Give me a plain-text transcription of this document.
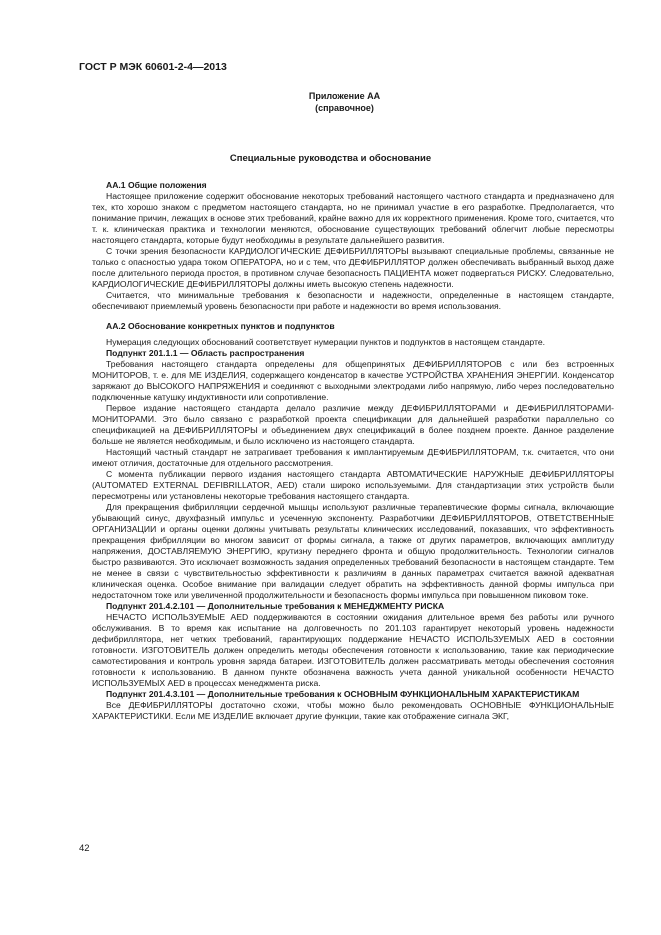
ГОСТ Р МЭК 60601-2-4—2013
Приложение АА
(справочное)
Специальные руководства и обоснование

АА.1 Общие положения

Настоящее приложение содержит обоснование некоторых требований настоящего частного стандарта и предназначено для тех, кто хорошо знаком с предметом настоящего стандарта, но не принимал участие в его разработке. Предполагается, что понимание причин, лежащих в основе этих требований, крайне важно для их корректного применения. Кроме того, считается, что т. к. клиническая практика и технологии меняются, обоснование существующих требований облегчит любые пересмотры настоящего стандарта, которые будут необходимы в результате дальнейшего развития.

С точки зрения безопасности КАРДИОЛОГИЧЕСКИЕ ДЕФИБРИЛЛЯТОРЫ вызывают специальные проблемы, связанные не только с опасностью удара током ОПЕРАТОРА, но и с тем, что ДЕФИБРИЛЛЯТОР должен обеспечивать выбранный выход даже после длительного периода простоя, в противном случае безопасность ПАЦИЕНТА может подвергаться РИСКУ. Следовательно, КАРДИОЛОГИЧЕСКИЕ ДЕФИБРИЛЛЯТОРЫ должны иметь высокую степень надежности.

Считается, что минимальные требования к безопасности и надежности, определенные в настоящем стандарте, обеспечивают приемлемый уровень безопасности при работе и надежности во время использования.

АА.2 Обоснование конкретных пунктов и подпунктов

Нумерация следующих обоснований соответствует нумерации пунктов и подпунктов в настоящем стандарте.

Подпункт 201.1.1 — Область распространения

Требования настоящего стандарта определены для общепринятых ДЕФИБРИЛЛЯТОРОВ с или без встроенных МОНИТОРОВ, т. е. для МЕ ИЗДЕЛИЯ, содержащего конденсатор в качестве УСТРОЙСТВА ХРАНЕНИЯ ЭНЕРГИИ. Конденсатор заряжают до ВЫСОКОГО НАПРЯЖЕНИЯ и соединяют с выходными электродами либо напрямую, либо через последовательно подключенные катушку индуктивности или сопротивление.

Первое издание настоящего стандарта делало различие между ДЕФИБРИЛЛЯТОРАМИ и ДЕФИБРИЛЛЯТОРАМИ-МОНИТОРАМИ. Это было связано с разработкой проекта спецификации для дальнейшей разработки параллельно со спецификацией на ДЕФИБРИЛЛЯТОРЫ и объединением двух спецификаций в более позднем проекте. Данное разделение больше не является необходимым, и было исключено из настоящего стандарта.

Настоящий частный стандарт не затрагивает требования к имплантируемым ДЕФИБРИЛЛЯТОРАМ, т.к. считается, что они имеют отличия, достаточные для отдельного рассмотрения.

С момента публикации первого издания настоящего стандарта АВТОМАТИЧЕСКИЕ НАРУЖНЫЕ ДЕФИБРИЛЛЯТОРЫ (AUTOMATED EXTERNAL DEFIBRILLATOR, AED) стали широко используемыми. Для стандартизации этих устройств были пересмотрены или установлены некоторые требования настоящего стандарта.

Для прекращения фибрилляции сердечной мышцы используют различные терапевтические формы сигнала, включающие убывающий синус, двухфазный импульс и усеченную экспоненту. Разработчики ДЕФИБРИЛЛЯТОРОВ, ОТВЕТСТВЕННЫЕ ОРГАНИЗАЦИИ и органы оценки должны учитывать результаты клинических исследований, показавших, что эффективность прекращения фибрилляции во многом зависит от формы сигнала, а также от других параметров, включающих амплитуду напряжения, ДОСТАВЛЯЕМУЮ ЭНЕРГИЮ, крутизну переднего фронта и общую продолжительность. Технологии сигналов быстро развиваются. Это исключает возможность задания определенных требований безопасности в настоящем стандарте. Тем не менее в связи с чувствительностью эффективности к различиям в данных параметрах считается важной адекватная клиническая оценка. Особое внимание при валидации следует обратить на эффективность данной формы импульса при недостаточном токе или увеличенной продолжительности и безопасность формы импульса при повышенном пиковом токе.

Подпункт 201.4.2.101 — Дополнительные требования к МЕНЕДЖМЕНТУ РИСКА

НЕЧАСТО ИСПОЛЬЗУЕМЫЕ AED поддерживаются в состоянии ожидания длительное время без работы или ручного обслуживания. В то время как испытание на долговечность по 201.103 гарантирует некоторый уровень надежности дефибриллятора, нет четких требований, гарантирующих поддержание НЕЧАСТО ИСПОЛЬЗУЕМЫХ AED в состоянии готовности. ИЗГОТОВИТЕЛЬ должен определить методы обеспечения готовности к использованию, такие как периодические самотестирования и контроль уровня заряда батареи. ИЗГОТОВИТЕЛЬ должен рассматривать методы обеспечения состояния готовности к использованию. В данном пункте обозначена важность учета данной уникальной особенности НЕЧАСТО ИСПОЛЬЗУЕМЫХ AED в процессах менеджмента риска.

Подпункт 201.4.3.101 — Дополнительные требования к ОСНОВНЫМ ФУНКЦИОНАЛЬНЫМ ХАРАКТЕРИСТИКАМ

Все ДЕФИБРИЛЛЯТОРЫ достаточно схожи, чтобы можно было рекомендовать ОСНОВНЫЕ ФУНКЦИОНАЛЬНЫЕ ХАРАКТЕРИСТИКИ. Если МЕ ИЗДЕЛИЕ включает другие функции, такие как отображение сигнала ЭКГ,

42
